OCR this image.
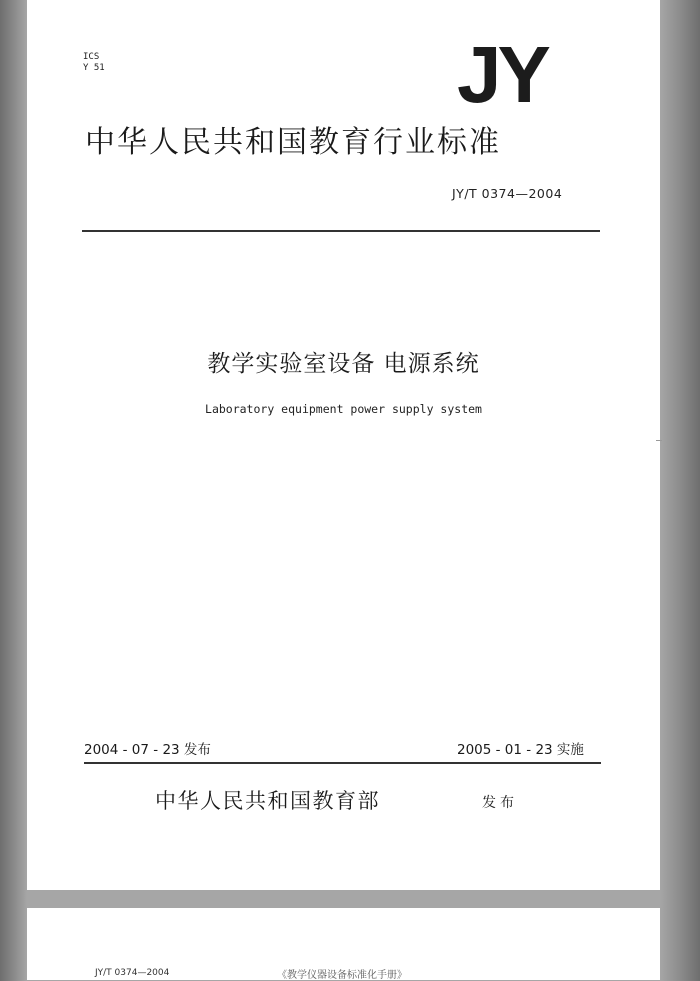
ICS
Y 51	JY
中华人民共和国教育行业标准
JY/T 0374—2004
教学实验室设备 电源系统
Laboratory equipment power supply system
2004 - 07 - 23 发布	2005 - 01 - 23 实施
中华人民共和国教育部	发布
JY/T 0374—2004	《教学仪器设备标准化手册》
